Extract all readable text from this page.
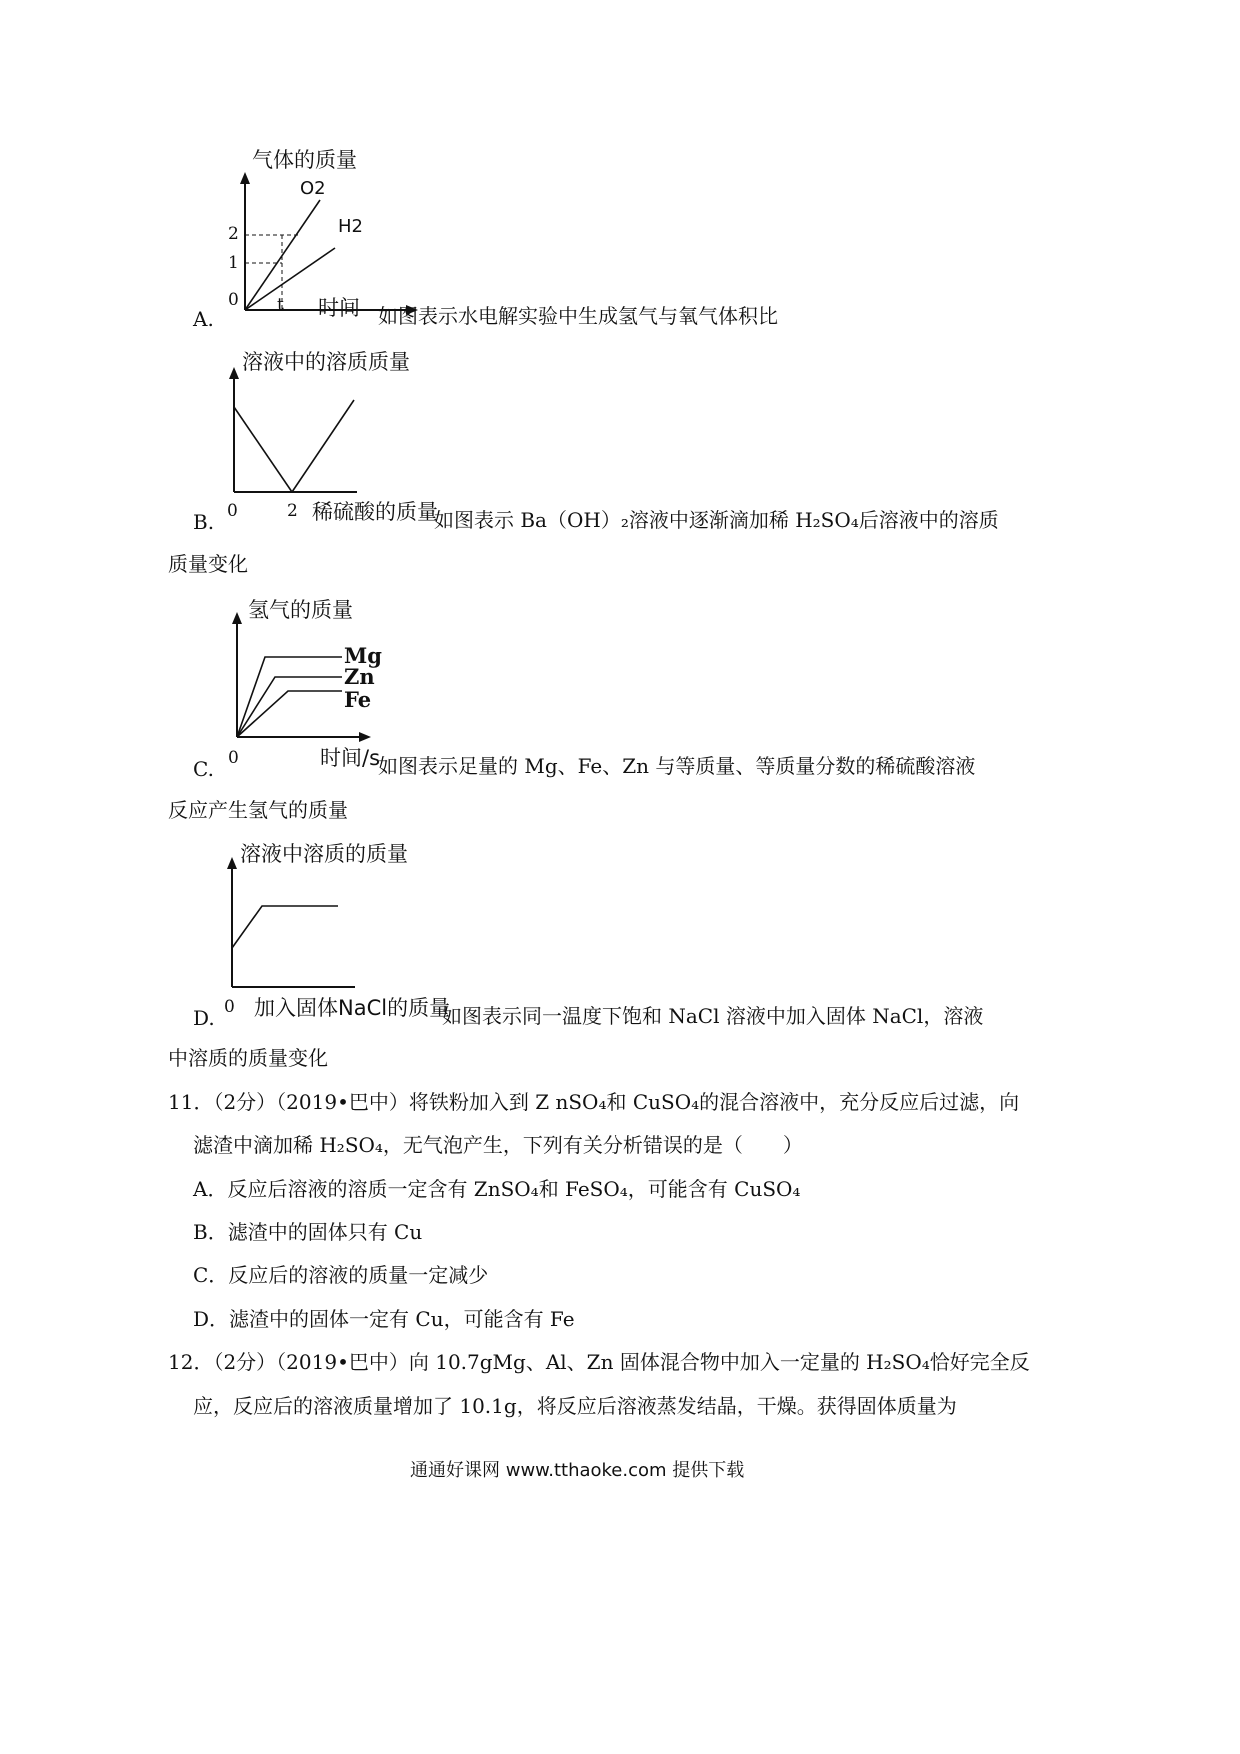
气体的质量
O2
H2
2
1
0 t 时间
A.	如图表示水电解实验中生成氢气与氧气体积比
溶液中的溶质质量
0	2 稀硫酸的质量
B.	如图表示 Ba（OH）₂溶液中逐渐滴加稀 H₂SO₄后溶液中的溶质
质量变化
氢气的质量
Mg
Zn
Fe
0	时间/s
C.	如图表示足量的 Mg、Fe、Zn 与等质量、等质量分数的稀硫酸溶液
反应产生氢气的质量
溶液中溶质的质量
0 加入固体NaCl的质量
D.	如图表示同一温度下饱和 NaCl 溶液中加入固体 NaCl，溶液
中溶质的质量变化
11．（2分）（2019•巴中）将铁粉加入到 Z nSO₄和 CuSO₄的混合溶液中，充分反应后过滤，向
滤渣中滴加稀 H₂SO₄，无气泡产生，下列有关分析错误的是（　　）
A．反应后溶液的溶质一定含有 ZnSO₄和 FeSO₄，可能含有 CuSO₄
B．滤渣中的固体只有 Cu
C．反应后的溶液的质量一定减少
D．滤渣中的固体一定有 Cu，可能含有 Fe
12．（2分）（2019•巴中）向 10.7gMg、Al、Zn 固体混合物中加入一定量的 H₂SO₄恰好完全反
应，反应后的溶液质量增加了 10.1g，将反应后溶液蒸发结晶，干燥。获得固体质量为
通通好课网 www.tthaoke.com 提供下载
